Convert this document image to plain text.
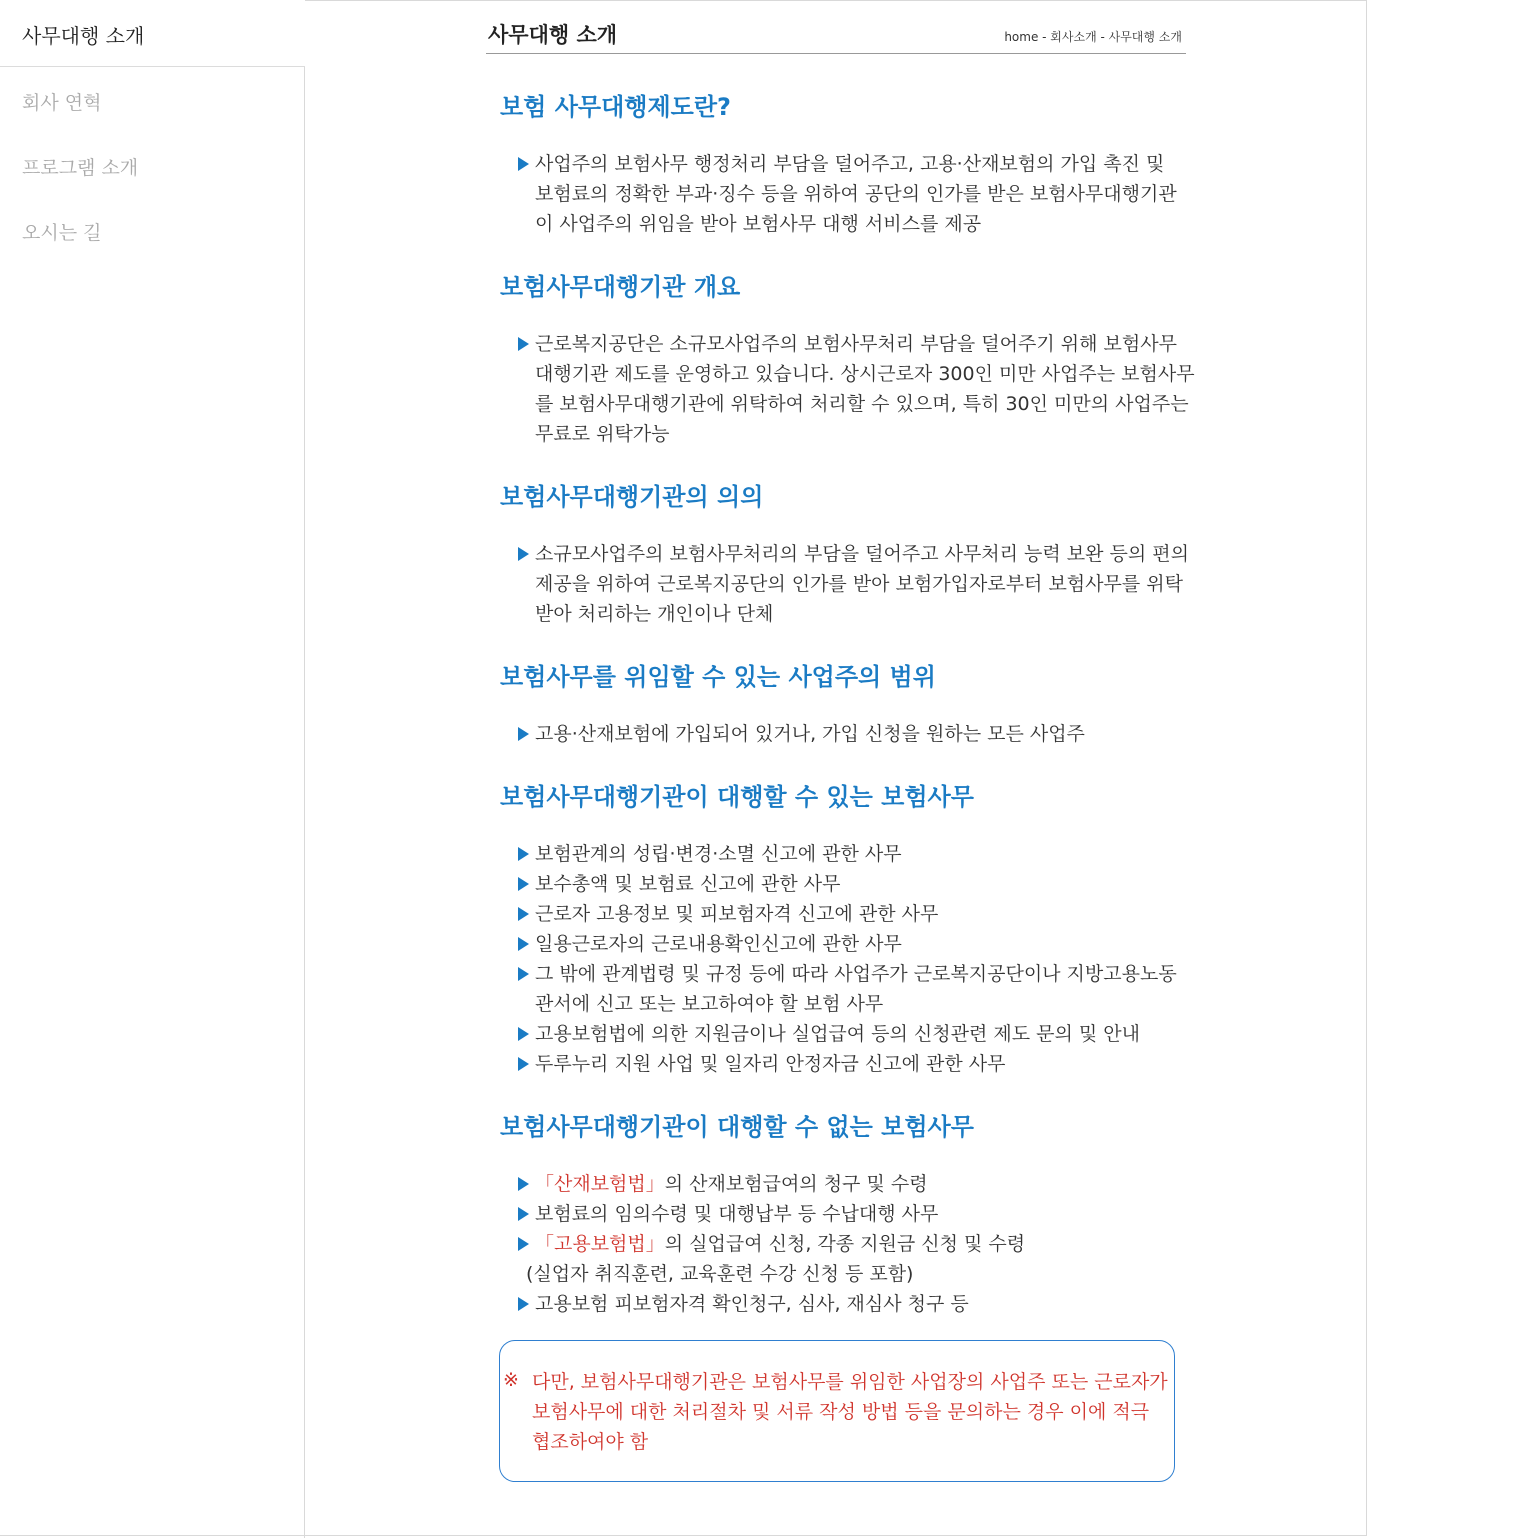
사무대행 소개
회사 연혁
프로그램 소개
오시는 길
사무대행 소개	home - 회사소개 - 사무대행 소개
보험 사무대행제도란?
사업주의 보험사무 행정처리 부담을 덜어주고, 고용·산재보험의 가입 촉진 및
보험료의 정확한 부과·징수 등을 위하여 공단의 인가를 받은 보험사무대행기관
이 사업주의 위임을 받아 보험사무 대행 서비스를 제공
보험사무대행기관 개요
근로복지공단은 소규모사업주의 보험사무처리 부담을 덜어주기 위해 보험사무
대행기관 제도를 운영하고 있습니다. 상시근로자 300인 미만 사업주는 보험사무
를 보험사무대행기관에 위탁하여 처리할 수 있으며, 특히 30인 미만의 사업주는
무료로 위탁가능
보험사무대행기관의 의의
소규모사업주의 보험사무처리의 부담을 덜어주고 사무처리 능력 보완 등의 편의
제공을 위하여 근로복지공단의 인가를 받아 보험가입자로부터 보험사무를 위탁
받아 처리하는 개인이나 단체
보험사무를 위임할 수 있는 사업주의 범위
고용·산재보험에 가입되어 있거나, 가입 신청을 원하는 모든 사업주
보험사무대행기관이 대행할 수 있는 보험사무
보험관계의 성립·변경·소멸 신고에 관한 사무
보수총액 및 보험료 신고에 관한 사무
근로자 고용정보 및 피보험자격 신고에 관한 사무
일용근로자의 근로내용확인신고에 관한 사무
그 밖에 관계법령 및 규정 등에 따라 사업주가 근로복지공단이나 지방고용노동
관서에 신고 또는 보고하여야 할 보험 사무
고용보험법에 의한 지원금이나 실업급여 등의 신청관련 제도 문의 및 안내
두루누리 지원 사업 및 일자리 안정자금 신고에 관한 사무
보험사무대행기관이 대행할 수 없는 보험사무
「산재보험법」의 산재보험급여의 청구 및 수령
보험료의 임의수령 및 대행납부 등 수납대행 사무
「고용보험법」의 실업급여 신청, 각종 지원금 신청 및 수령
(실업자 취직훈련, 교육훈련 수강 신청 등 포함)
고용보험 피보험자격 확인청구, 심사, 재심사 청구 등
※ 다만, 보험사무대행기관은 보험사무를 위임한 사업장의 사업주 또는 근로자가
보험사무에 대한 처리절차 및 서류 작성 방법 등을 문의하는 경우 이에 적극
협조하여야 함
